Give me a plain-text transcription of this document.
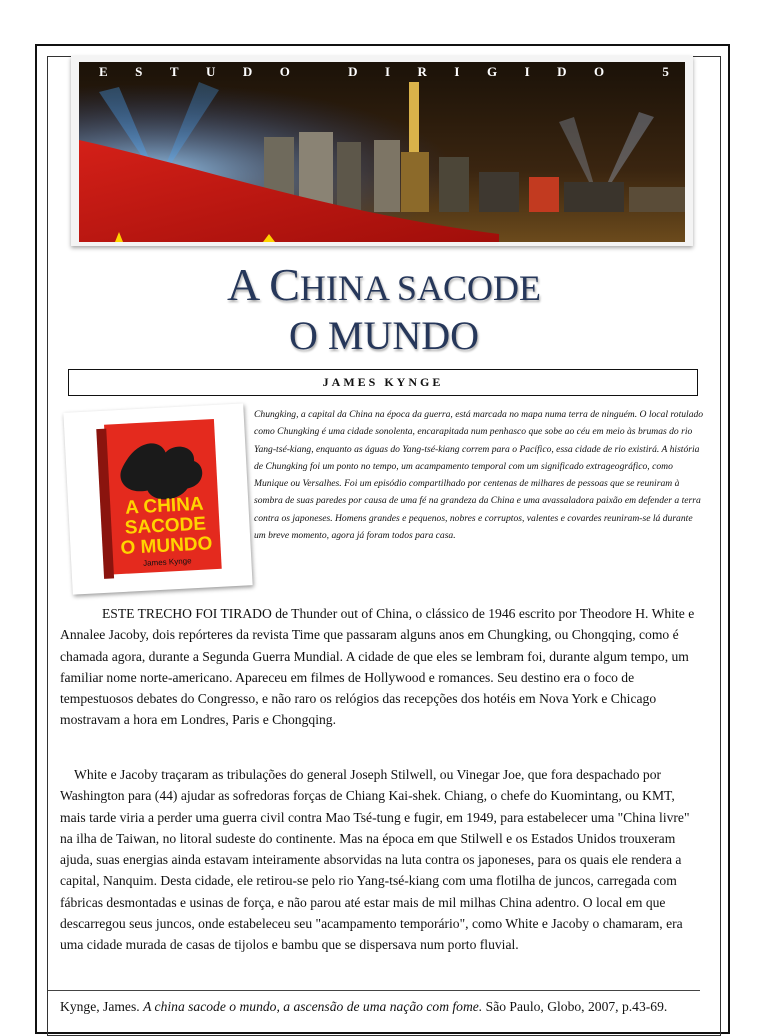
E S T U D O
	D I R I G I D O
	5
A CHINA SACODE
O MUNDO
JAMES KYNGE
A CHINA
SACODE
O MUNDO
James Kynge
Chungking, a capital da China na época da guerra, está marcada no mapa numa terra de ninguém. O local rotulado como Chungking é uma cidade sonolenta, encarapitada num penhasco que sobe ao céu em meio às brumas do rio Yang-tsé-kiang, enquanto as águas do Yang-tsé-kiang correm para o Pacífico, essa cidade de rio existirá. A história de Chungking foi um ponto no tempo, um acampamento temporal com um significado extrageográfico, como Munique ou Versalhes. Foi um episódio compartilhado por centenas de milhares de pessoas que se reuniram à sombra de suas paredes por causa de uma fé na grandeza da China e uma avassaladora paixão em defender a terra contra os japoneses. Homens grandes e pequenos, nobres e corruptos, valentes e covardes reuniram-se lá durante um breve momento, agora já foram todos para casa.
ESTE TRECHO FOI TIRADO de Thunder out of China, o clássico de 1946 escrito por Theodore H. White e Annalee Jacoby, dois repórteres da revista Time que passaram alguns anos em Chungking, ou Chongqing, como é chamada agora, durante a Segunda Guerra Mundial. A cidade de que eles se lembram foi, durante algum tempo, um familiar nome norte-americano. Apareceu em filmes de Hollywood e romances. Seu destino era o foco de tempestuosos debates do Congresso, e não raro os relógios das recepções dos hotéis em Nova York e Chicago mostravam a hora em Londres, Paris e Chongqing.
White e Jacoby traçaram as tribulações do general Joseph Stilwell, ou Vinegar Joe, que fora despachado por Washington para (44) ajudar as sofredoras forças de Chiang Kai-shek. Chiang, o chefe do Kuomintang, ou KMT, mais tarde viria a perder uma guerra civil contra Mao Tsé-tung e fugir, em 1949, para estabelecer uma "China livre" na ilha de Taiwan, no litoral sudeste do continente. Mas na época em que Stilwell e os Estados Unidos trouxeram ajuda, suas energias ainda estavam inteiramente absorvidas na luta contra os japoneses, para os quais ele rendera a capital, Nanquim. Desta cidade, ele retirou-se pelo rio Yang-tsé-kiang com uma flotilha de juncos, carregada com fábricas desmontadas e usinas de força, e não parou até estar mais de mil milhas China adentro. O local em que descarregou seus juncos, onde estabeleceu seu "acampamento temporário", como White e Jacoby o chamaram, era uma cidade murada de casas de tijolos e bambu que se dispersava num porto fluvial.
Kynge, James. A china sacode o mundo, a ascensão de uma nação com fome. São Paulo, Globo, 2007, p.43-69.
